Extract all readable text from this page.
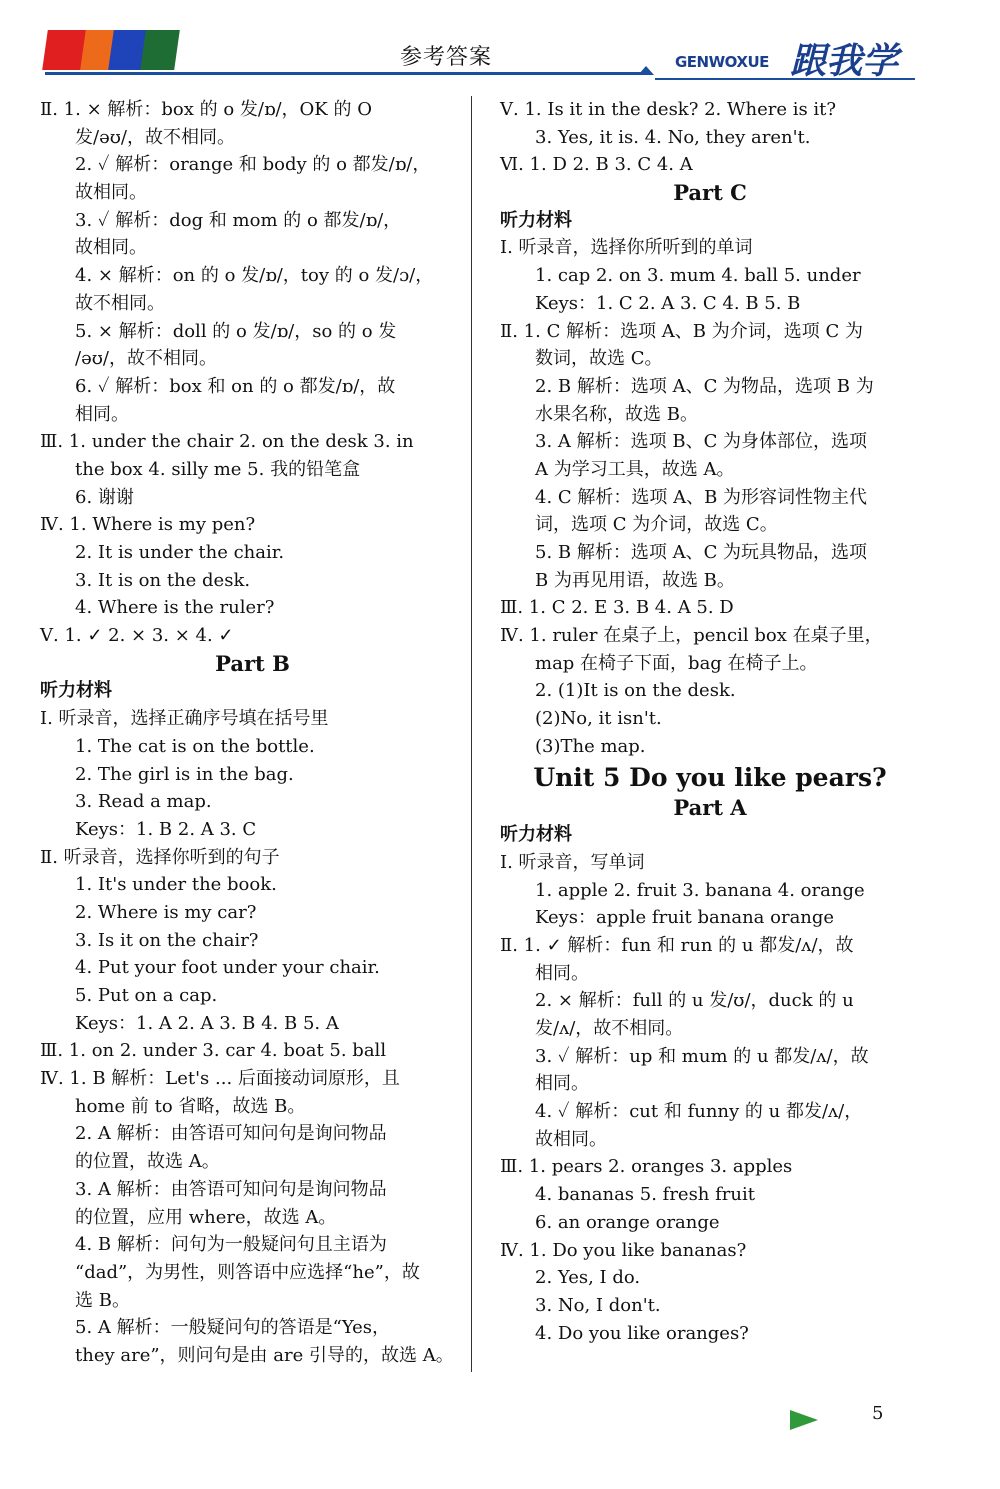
参考答案	GENWOXUE 跟我学
Ⅱ. 1. × 解析：box 的 o 发/ɒ/，OK 的 O
发/əʊ/，故不相同。
2. ✓ 解析：orange 和 body 的 o 都发/ɒ/，
故相同。
3. ✓ 解析：dog 和 mom 的 o 都发/ɒ/，
故相同。
4. × 解析：on 的 o 发/ɒ/，toy 的 o 发/ɔ/，
故不相同。
5. × 解析：doll 的 o 发/ɒ/，so 的 o 发
/əʊ/，故不相同。
6. ✓ 解析：box 和 on 的 o 都发/ɒ/，故
相同。
Ⅲ. 1. under the chair 2. on the desk 3. in
the box 4. silly me 5. 我的铅笔盒
6. 谢谢
Ⅳ. 1. Where is my pen?
2. It is under the chair.
3. It is on the desk.
4. Where is the ruler?
Ⅴ. 1. ✓ 2. × 3. × 4. ✓
Part B
听力材料
Ⅰ. 听录音，选择正确序号填在括号里
1. The cat is on the bottle.
2. The girl is in the bag.
3. Read a map.
Keys：1. B 2. A 3. C
Ⅱ. 听录音，选择你听到的句子
1. It's under the book.
2. Where is my car?
3. Is it on the chair?
4. Put your foot under your chair.
5. Put on a cap.
Keys：1. A 2. A 3. B 4. B 5. A
Ⅲ. 1. on 2. under 3. car 4. boat 5. ball
Ⅳ. 1. B 解析：Let's ... 后面接动词原形，且
home 前 to 省略，故选 B。
2. A 解析：由答语可知问句是询问物品
的位置，故选 A。
3. A 解析：由答语可知问句是询问物品
的位置，应用 where，故选 A。
4. B 解析：问句为一般疑问句且主语为
“dad”，为男性，则答语中应选择“he”，故
选 B。
5. A 解析：一般疑问句的答语是“Yes，
they are”，则问句是由 are 引导的，故选 A。
Ⅴ. 1. Is it in the desk? 2. Where is it?
3. Yes, it is. 4. No, they aren't.
Ⅵ. 1. D 2. B 3. C 4. A
Part C
听力材料
Ⅰ. 听录音，选择你所听到的单词
1. cap 2. on 3. mum 4. ball 5. under
Keys：1. C 2. A 3. C 4. B 5. B
Ⅱ. 1. C 解析：选项 A、B 为介词，选项 C 为
数词，故选 C。
2. B 解析：选项 A、C 为物品，选项 B 为
水果名称，故选 B。
3. A 解析：选项 B、C 为身体部位，选项
A 为学习工具，故选 A。
4. C 解析：选项 A、B 为形容词性物主代
词，选项 C 为介词，故选 C。
5. B 解析：选项 A、C 为玩具物品，选项
B 为再见用语，故选 B。
Ⅲ. 1. C 2. E 3. B 4. A 5. D
Ⅳ. 1. ruler 在桌子上，pencil box 在桌子里，
map 在椅子下面，bag 在椅子上。
2. (1)It is on the desk.
(2)No, it isn't.
(3)The map.
Unit 5 Do you like pears?
Part A
听力材料
Ⅰ. 听录音，写单词
1. apple 2. fruit 3. banana 4. orange
Keys：apple fruit banana orange
Ⅱ. 1. ✓ 解析：fun 和 run 的 u 都发/ʌ/，故
相同。
2. × 解析：full 的 u 发/ʊ/，duck 的 u
发/ʌ/，故不相同。
3. ✓ 解析：up 和 mum 的 u 都发/ʌ/，故
相同。
4. ✓ 解析：cut 和 funny 的 u 都发/ʌ/，
故相同。
Ⅲ. 1. pears 2. oranges 3. apples
4. bananas 5. fresh fruit
6. an orange orange
Ⅳ. 1. Do you like bananas?
2. Yes, I do.
3. No, I don't.
4. Do you like oranges?
5
